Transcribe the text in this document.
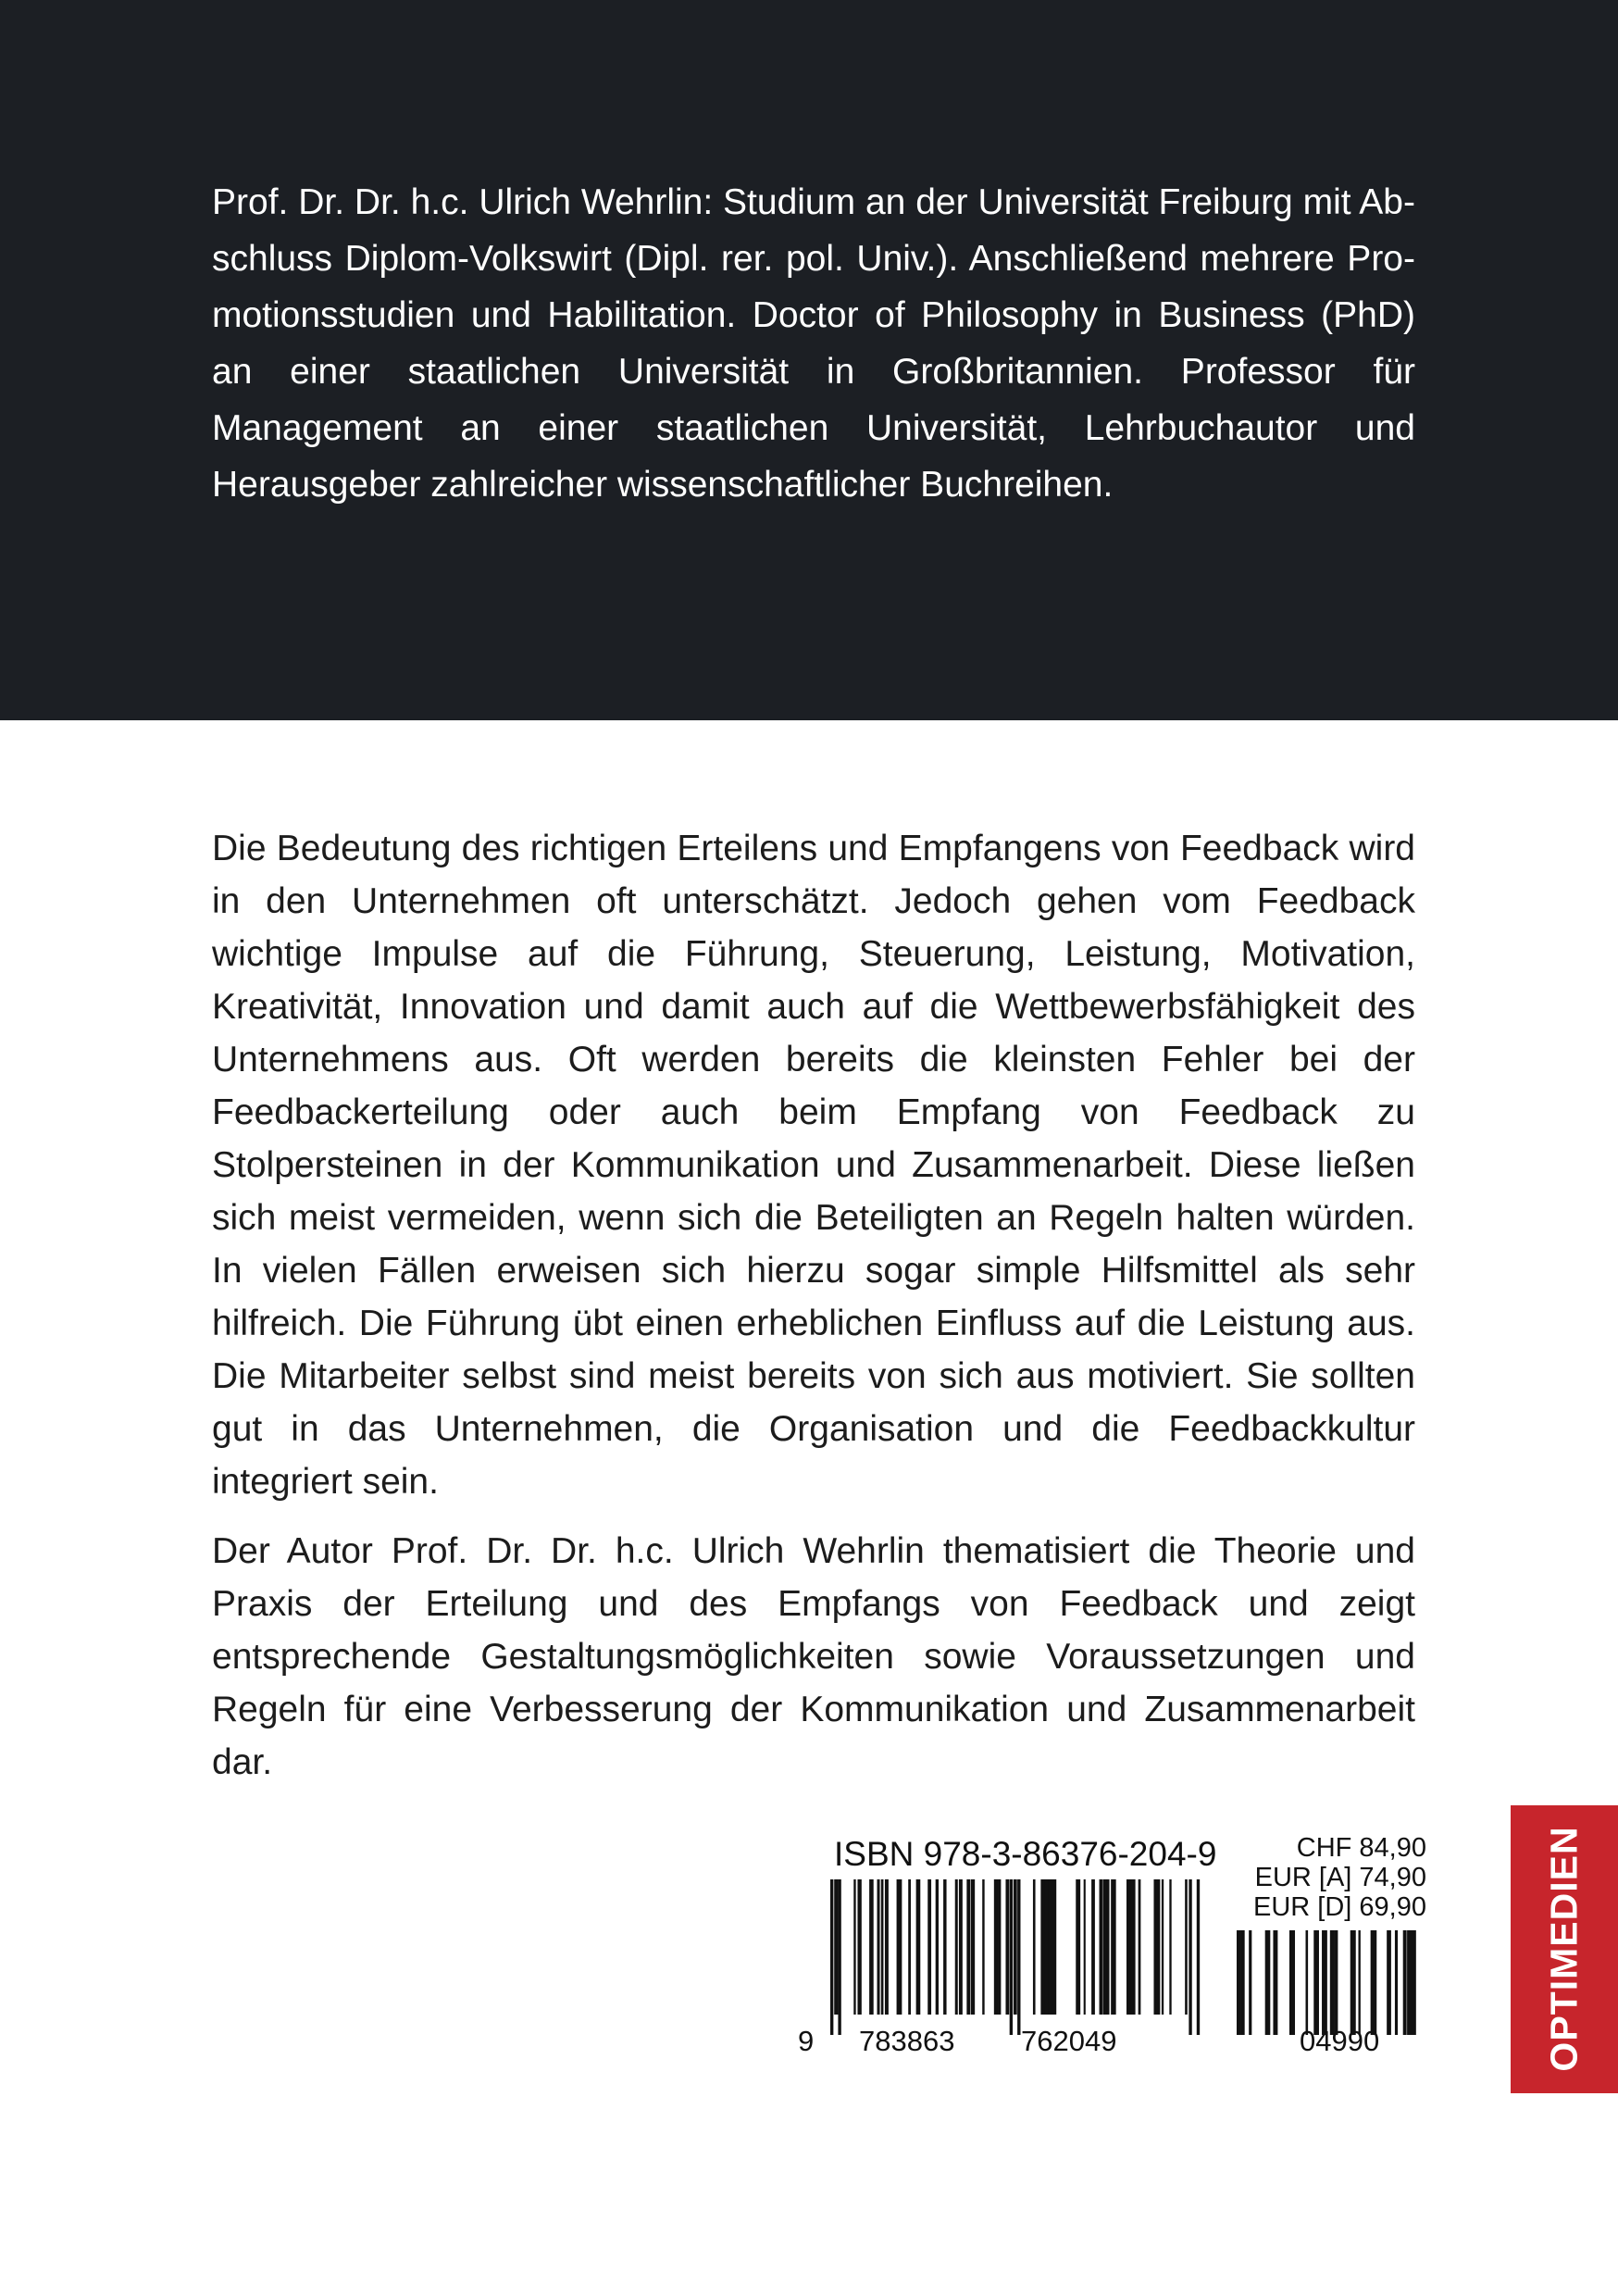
Prof. Dr. Dr. h.c. Ulrich Wehrlin: Studium an der Universität Freiburg mit Abschluss Diplom-Volkswirt (Dipl. rer. pol. Univ.). Anschließend mehrere Promotionsstudien und Habilitation. Doctor of Philosophy in Business (PhD) an einer staatlichen Universität in Großbritannien. Professor für Management an einer staatlichen Universität, Lehrbuchautor und Herausgeber zahlreicher wissenschaftlicher Buchreihen.

Die Bedeutung des richtigen Erteilens und Empfangens von Feedback wird in den Unternehmen oft unterschätzt. Jedoch gehen vom Feedback wichtige Impulse auf die Führung, Steuerung, Leistung, Motivation, Kreativität, Innovation und damit auch auf die Wettbewerbsfähigkeit des Unternehmens aus. Oft werden bereits die kleinsten Fehler bei der Feedbackerteilung oder auch beim Empfang von Feedback zu Stolpersteinen in der Kommunikation und Zusammenarbeit. Diese ließen sich meist vermeiden, wenn sich die Beteiligten an Regeln halten würden. In vielen Fällen erweisen sich hierzu sogar simple Hilfsmittel als sehr hilfreich. Die Führung übt einen erheblichen Einfluss auf die Leistung aus. Die Mitarbeiter selbst sind meist bereits von sich aus motiviert. Sie sollten gut in das Unternehmen, die Organisation und die Feedbackkultur integriert sein.

Der Autor Prof. Dr. Dr. h.c. Ulrich Wehrlin thematisiert die Theorie und Praxis der Erteilung und des Empfangs von Feedback und zeigt entsprechende Gestaltungsmöglichkeiten sowie Voraussetzungen und Regeln für eine Verbesserung der Kommunikation und Zusammenarbeit dar.

ISBN 978-3-86376-204-9	CHF 84,90
EUR [A] 74,90
EUR [D] 69,90
9 783863 762049	04990	OPTIMEDIEN
